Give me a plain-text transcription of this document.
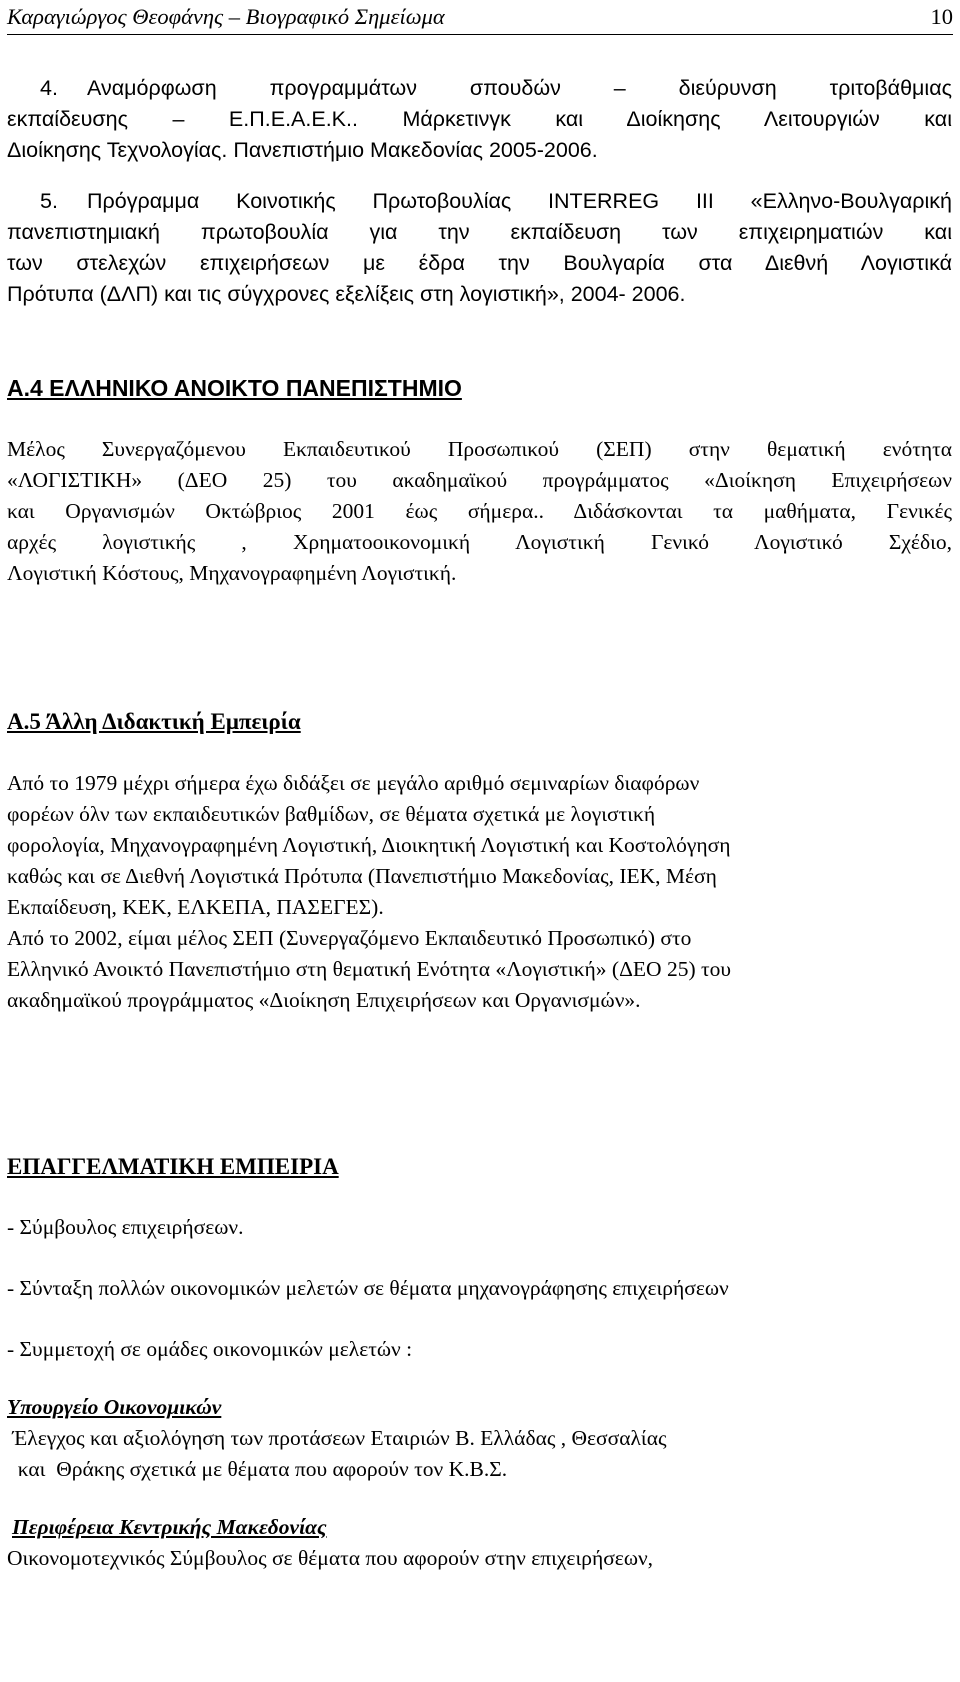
Καραγιώργος Θεοφάνης – Βιογραφικό Σημείωμα	10
4. Αναμόρφωση προγραμμάτων σπουδών – διεύρυνση τριτοβάθμιας
εκπαίδευσης – Ε.Π.Ε.Α.Ε.Κ.. Μάρκετινγκ και Διοίκησης Λειτουργιών και
Διοίκησης Τεχνολογίας. Πανεπιστήμιο Μακεδονίας 2005-2006.
5. Πρόγραμμα Κοινοτικής Πρωτοβουλίας INTERREG III «Ελληνο-Βουλγαρική
πανεπιστημιακή πρωτοβουλία για την εκπαίδευση των επιχειρηματιών και
των στελεχών επιχειρήσεων με έδρα την Βουλγαρία στα Διεθνή Λογιστικά
Πρότυπα (ΔΛΠ) και τις σύγχρονες εξελίξεις στη λογιστική», 2004- 2006.
Α.4 ΕΛΛΗΝΙΚΟ ΑΝΟΙΚΤΟ ΠΑΝΕΠΙΣΤΗΜΙΟ
Μέλος Συνεργαζόμενου Εκπαιδευτικού Προσωπικού (ΣΕΠ) στην θεματική ενότητα
«ΛΟΓΙΣΤΙΚΗ» (ΔΕΟ 25) του ακαδημαϊκού προγράμματος «Διοίκηση Επιχειρήσεων
και Οργανισμών Οκτώβριος 2001 έως σήμερα.. Διδάσκονται τα μαθήματα, Γενικές
αρχές λογιστικής , Χρηματοοικονομική Λογιστική Γενικό Λογιστικό Σχέδιο,
Λογιστική Κόστους, Μηχανογραφημένη Λογιστική.
Α.5 Άλλη Διδακτική Εμπειρία
Από το 1979 μέχρι σήμερα έχω διδάξει σε μεγάλο αριθμό σεμιναρίων διαφόρων
φορέων όλν των εκπαιδευτικών βαθμίδων, σε θέματα σχετικά με λογιστική
φορολογία, Μηχανογραφημένη Λογιστική, Διοικητική Λογιστική και Κοστολόγηση
καθώς και σε Διεθνή Λογιστικά Πρότυπα (Πανεπιστήμιο Μακεδονίας, ΙΕΚ, Μέση
Εκπαίδευση, ΚΕΚ, ΕΛΚΕΠΑ, ΠΑΣΕΓΕΣ).
Από το 2002, είμαι μέλος ΣΕΠ (Συνεργαζόμενο Εκπαιδευτικό Προσωπικό) στο
Ελληνικό Ανοικτό Πανεπιστήμιο στη θεματική Ενότητα «Λογιστική» (ΔΕΟ 25) του
ακαδημαϊκού προγράμματος «Διοίκηση Επιχειρήσεων και Οργανισμών».
ΕΠΑΓΓΕΛΜΑΤΙΚΗ ΕΜΠΕΙΡΙΑ
- Σύμβουλος επιχειρήσεων.
- Σύνταξη πολλών οικονομικών μελετών σε θέματα μηχανογράφησης επιχειρήσεων
- Συμμετοχή σε ομάδες οικονομικών μελετών :
Υπουργείο Οικονομικών
Έλεγχος και αξιολόγηση των προτάσεων Εταιριών Β. Ελλάδας , Θεσσαλίας
και  Θράκης σχετικά με θέματα που αφορούν τον Κ.Β.Σ.
Περιφέρεια Κεντρικής Μακεδονίας
Οικονομοτεχνικός Σύμβουλος σε θέματα που αφορούν στην επιχειρήσεων,
